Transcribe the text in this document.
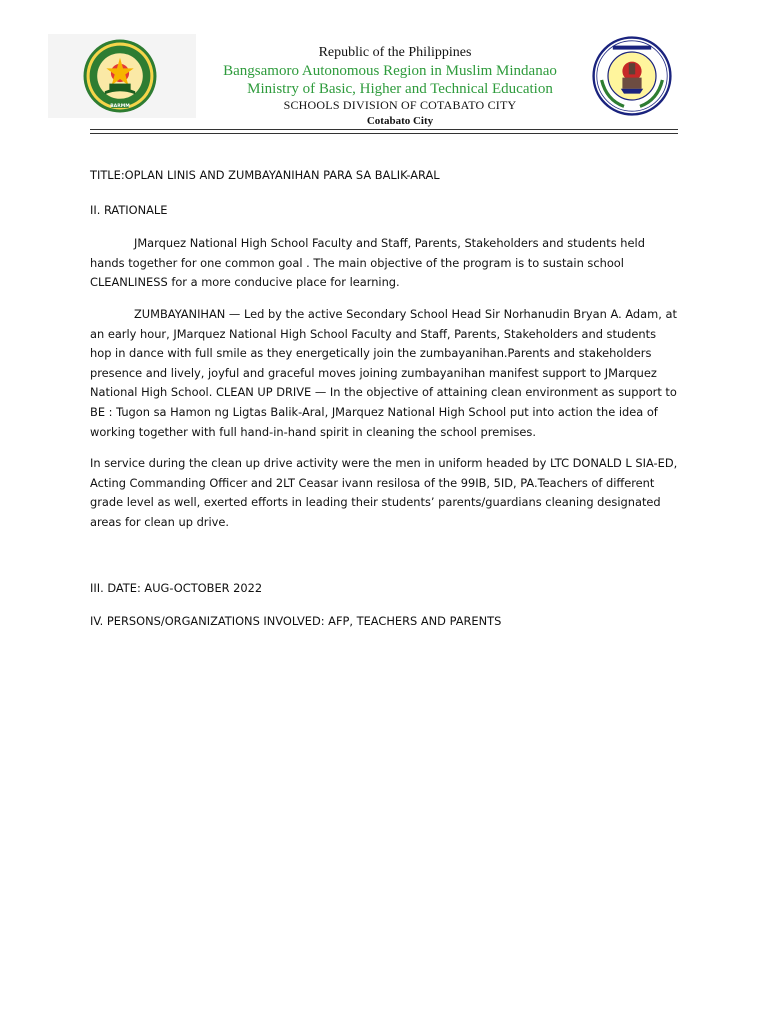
BARMM
Republic of the Philippines
Bangsamoro Autonomous Region in Muslim Mindanao
Ministry of Basic, Higher and Technical Education
SCHOOLS DIVISION OF COTABATO CITY
Cotabato City

TITLE:OPLAN LINIS AND ZUMBAYANIHAN PARA SA BALIK-ARAL

II. RATIONALE

JMarquez National High School Faculty and Staff, Parents, Stakeholders and students held hands together for one common goal . The main objective of the program is to sustain school CLEANLINESS for a more conducive place for learning.

ZUMBAYANIHAN — Led by the active Secondary School Head Sir Norhanudin Bryan A. Adam, at an early hour, JMarquez National High School Faculty and Staff, Parents, Stakeholders and students hop in dance with full smile as they energetically join the zumbayanihan.Parents and stakeholders presence and lively, joyful and graceful moves joining zumbayanihan manifest support to JMarquez National High School. CLEAN UP DRIVE — In the objective of attaining clean environment as support to BE : Tugon sa Hamon ng Ligtas Balik-Aral, JMarquez National High School put into action the idea of working together with full hand-in-hand spirit in cleaning the school premises.

In service during the clean up drive activity were the men in uniform headed by LTC DONALD L SIA-ED, Acting Commanding Officer and 2LT Ceasar ivann resilosa of the 99IB, 5ID, PA.Teachers of different grade level as well, exerted efforts in leading their students’ parents/guardians cleaning designated areas for clean up drive.

III. DATE: AUG-OCTOBER 2022

IV. PERSONS/ORGANIZATIONS INVOLVED: AFP, TEACHERS AND PARENTS
